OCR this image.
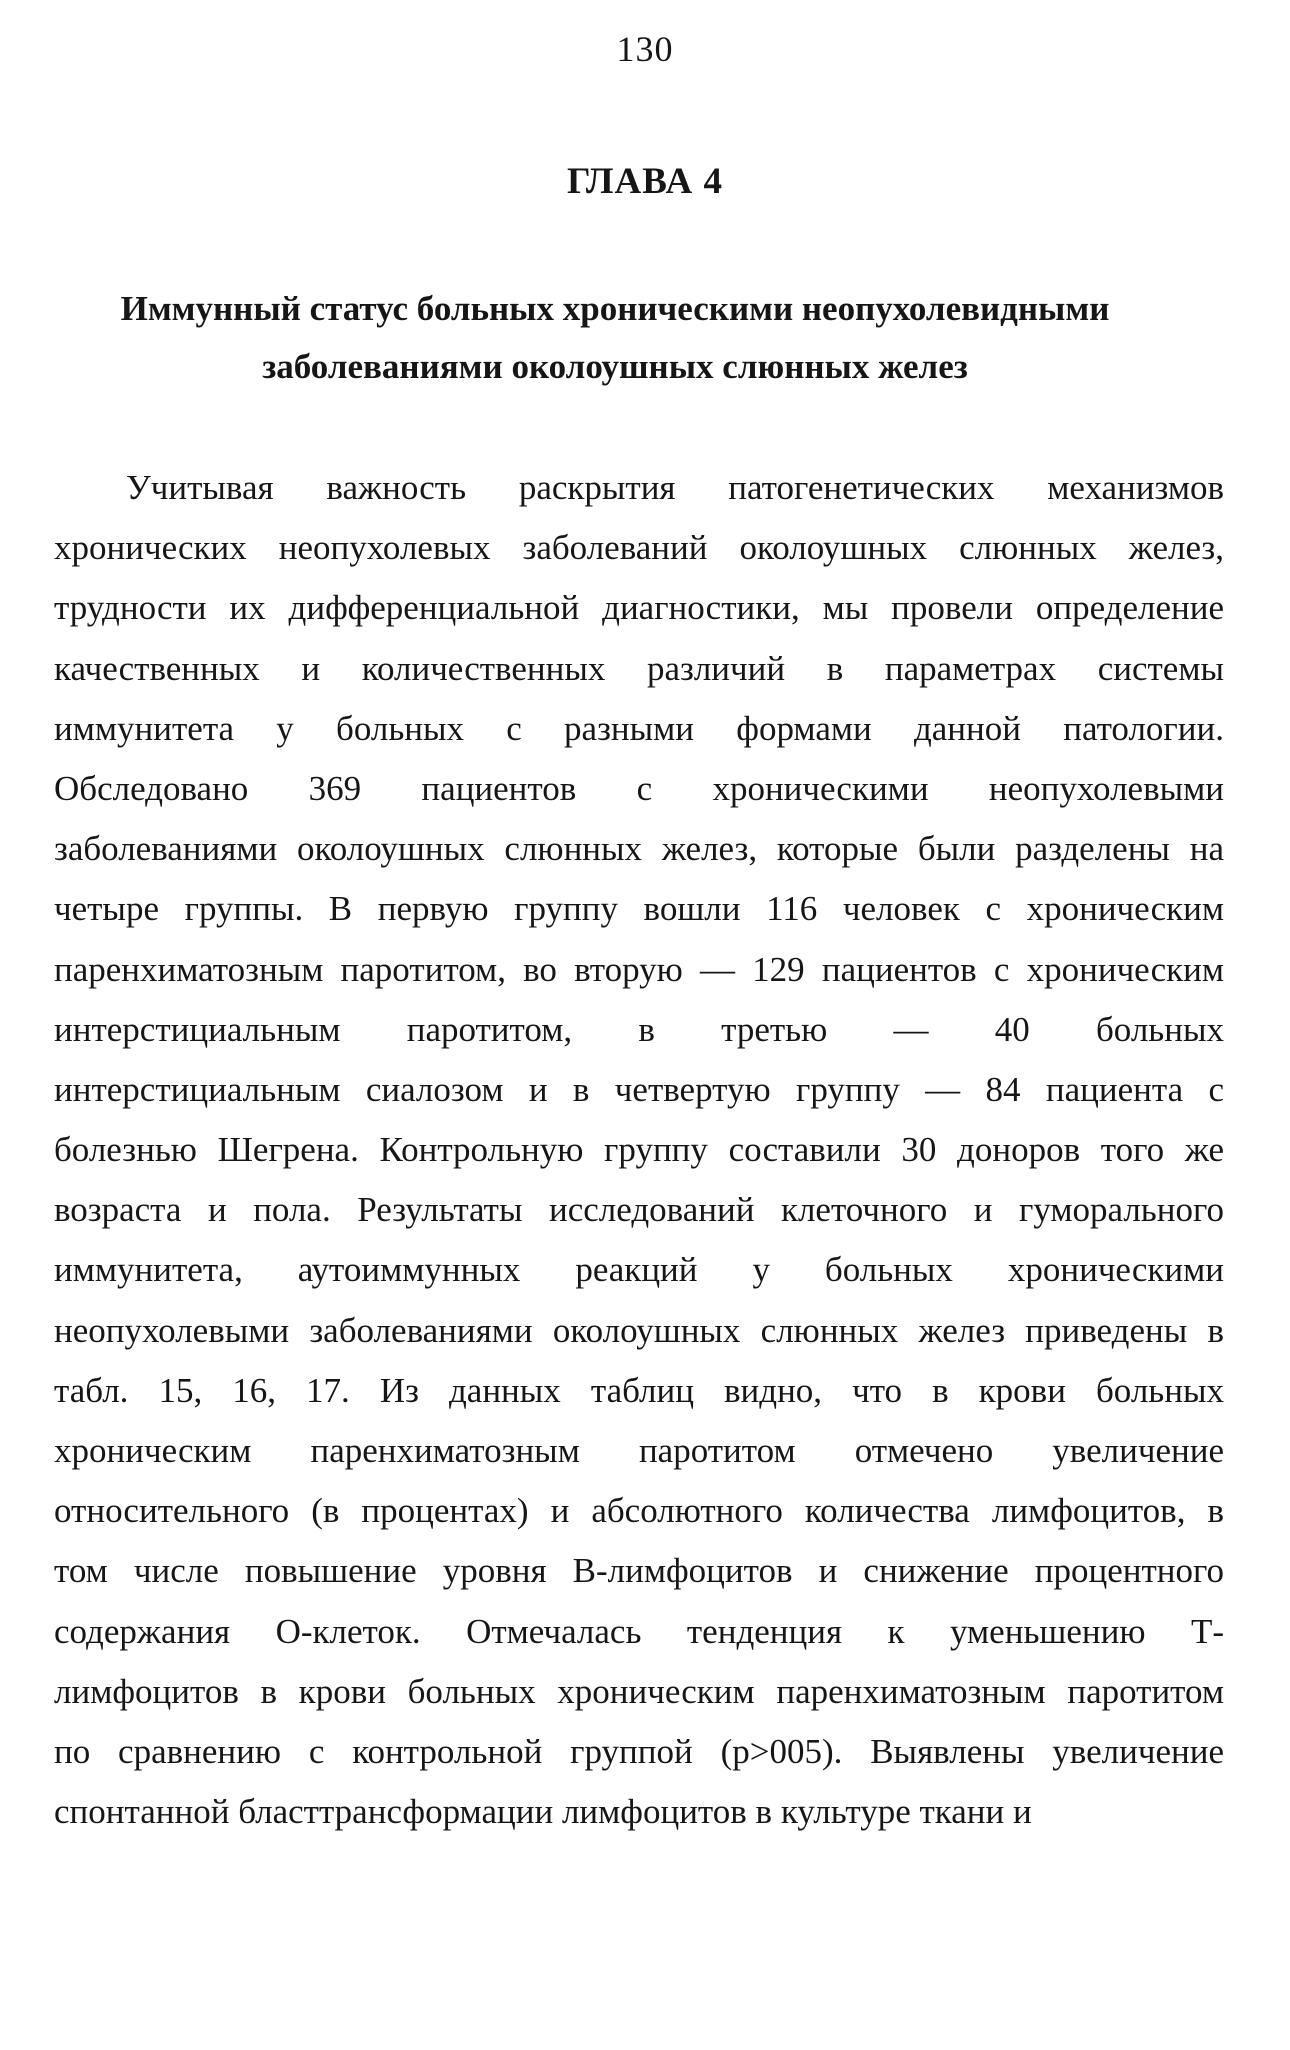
130
ГЛАВА 4
Иммунный статус больных хроническими неопухолевидными
заболеваниями околоушных слюнных желез
Учитывая важность раскрытия патогенетических механизмов
хронических неопухолевых заболеваний околоушных слюнных желез,
трудности их дифференциальной диагностики, мы провели определение
качественных и количественных различий в параметрах системы
иммунитета у больных с разными формами данной патологии.
Обследовано 369 пациентов с хроническими неопухолевыми
заболеваниями околоушных слюнных желез, которые были разделены на
четыре группы. В первую группу вошли 116 человек с хроническим
паренхиматозным паротитом, во вторую — 129 пациентов с хроническим
интерстициальным паротитом, в третью — 40 больных
интерстициальным сиалозом и в четвертую группу — 84 пациента с
болезнью Шегрена. Контрольную группу составили 30 доноров того же
возраста и пола. Результаты исследований клеточного и гуморального
иммунитета, аутоиммунных реакций у больных хроническими
неопухолевыми заболеваниями околоушных слюнных желез приведены в
табл. 15, 16, 17. Из данных таблиц видно, что в крови больных
хроническим паренхиматозным паротитом отмечено увеличение
относительного (в процентах) и абсолютного количества лимфоцитов, в
том числе повышение уровня В-лимфоцитов и снижение процентного
содержания О-клеток. Отмечалась тенденция к уменьшению Т-
лимфоцитов в крови больных хроническим паренхиматозным паротитом
по сравнению с контрольной группой (р>005). Выявлены увеличение
спонтанной бласттрансформации лимфоцитов в культуре ткани и
